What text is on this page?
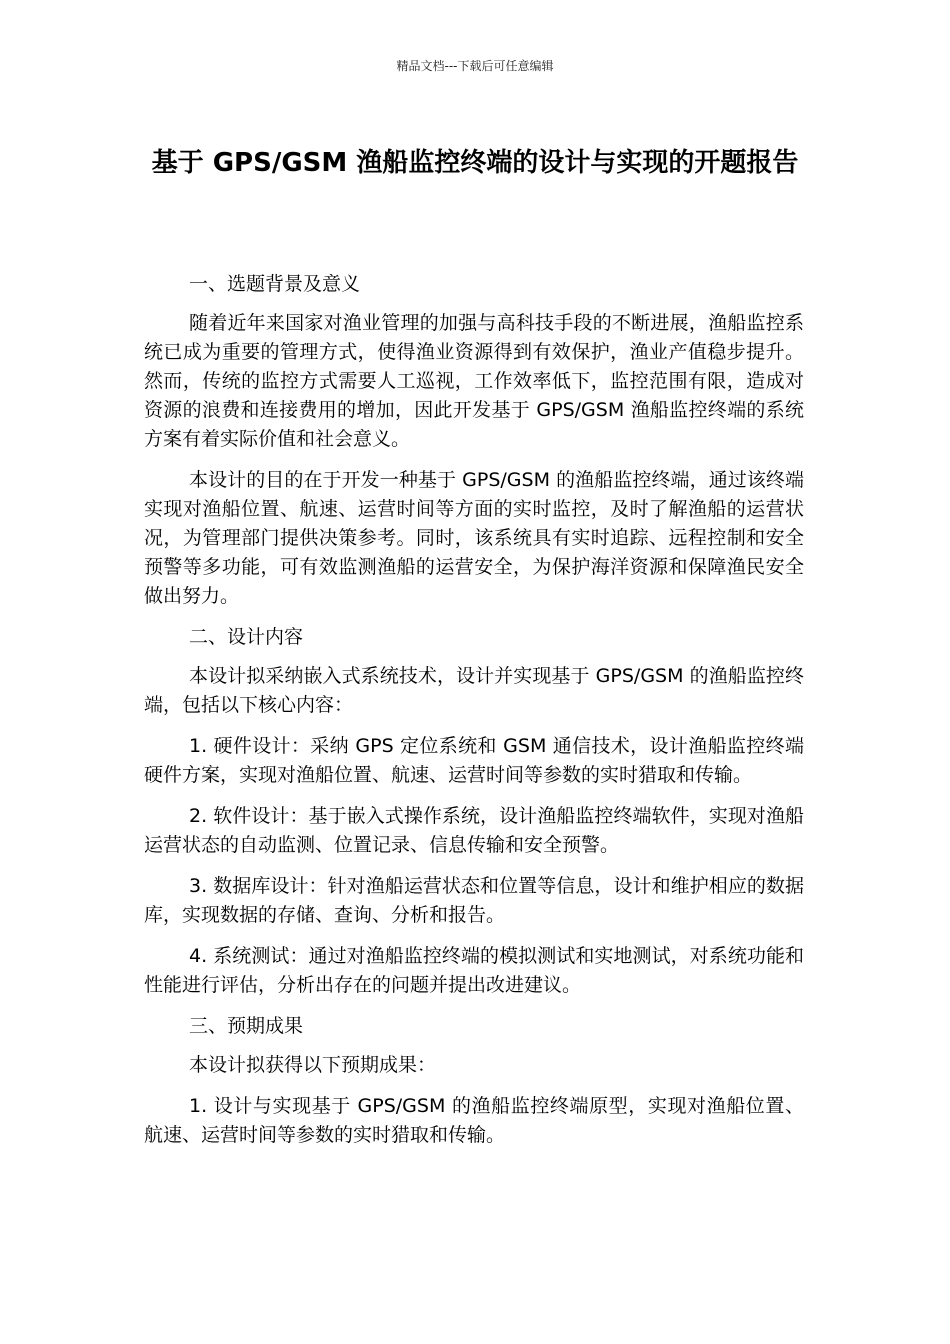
精品文档---下载后可任意编辑
基于 GPS/GSM 渔船监控终端的设计与实现的开题报告

一、选题背景及意义

随着近年来国家对渔业管理的加强与高科技手段的不断进展，渔船监控系统已成为重要的管理方式，使得渔业资源得到有效保护，渔业产值稳步提升。然而，传统的监控方式需要人工巡视，工作效率低下，监控范围有限，造成对资源的浪费和连接费用的增加，因此开发基于 GPS/GSM 渔船监控终端的系统方案有着实际价值和社会意义。

本设计的目的在于开发一种基于 GPS/GSM 的渔船监控终端，通过该终端实现对渔船位置、航速、运营时间等方面的实时监控，及时了解渔船的运营状况，为管理部门提供决策参考。同时，该系统具有实时追踪、远程控制和安全预警等多功能，可有效监测渔船的运营安全，为保护海洋资源和保障渔民安全做出努力。

二、设计内容

本设计拟采纳嵌入式系统技术，设计并实现基于 GPS/GSM 的渔船监控终端，包括以下核心内容：

1. 硬件设计：采纳 GPS 定位系统和 GSM 通信技术，设计渔船监控终端硬件方案，实现对渔船位置、航速、运营时间等参数的实时猎取和传输。

2. 软件设计：基于嵌入式操作系统，设计渔船监控终端软件，实现对渔船运营状态的自动监测、位置记录、信息传输和安全预警。

3. 数据库设计：针对渔船运营状态和位置等信息，设计和维护相应的数据库，实现数据的存储、查询、分析和报告。

4. 系统测试：通过对渔船监控终端的模拟测试和实地测试，对系统功能和性能进行评估，分析出存在的问题并提出改进建议。

三、预期成果

本设计拟获得以下预期成果：

1. 设计与实现基于 GPS/GSM 的渔船监控终端原型，实现对渔船位置、航速、运营时间等参数的实时猎取和传输。
